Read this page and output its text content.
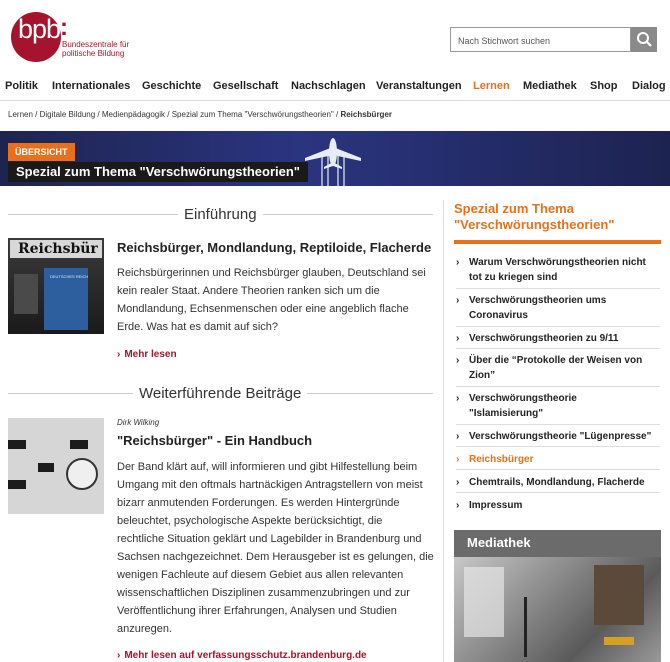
bpb :
Bundeszentrale für
politische Bildung
Nach Stichwort suchen
Politik Internationales Geschichte Gesellschaft Nachschlagen Veranstaltungen Lernen Mediathek Shop Dialog
Lernen / Digitale Bildung / Medienpädagogik / Spezial zum Thema "Verschwörungstheorien" / Reichsbürger
ÜBERSICHT
Spezial zum Thema "Verschwörungstheorien"
Einführung
Reichsbür
DEUTSCHES REICH
Reichsbürger, Mondlandung, Reptiloide, Flacherde
Reichsbürgerinnen und Reichsbürger glauben, Deutschland sei
kein realer Staat. Andere Theorien ranken sich um die
Mondlandung, Echsenmenschen oder eine angeblich flache
Erde. Was hat es damit auf sich?
› Mehr lesen
Weiterführende Beiträge
Dirk Wilking
"Reichsbürger" - Ein Handbuch
Der Band klärt auf, will informieren und gibt Hilfestellung beim
Umgang mit den oftmals hartnäckigen Antragstellern von meist
bizarr anmutenden Forderungen. Es werden Hintergründe
beleuchtet, psychologische Aspekte berücksichtigt, die
rechtliche Situation geklärt und Lagebilder in Brandenburg und
Sachsen nachgezeichnet. Dem Herausgeber ist es gelungen, die
wenigen Fachleute auf diesem Gebiet aus allen relevanten
wissenschaftlichen Disziplinen zusammenzubringen und zur
Veröffentlichung ihrer Erfahrungen, Analysen und Studien
anzuregen.
› Mehr lesen auf verfassungsschutz.brandenburg.de
Spezial zum Thema
"Verschwörungstheorien"
› Warum Verschwörungstheorien nicht
tot zu kriegen sind
› Verschwörungstheorien ums
Coronavirus
› Verschwörungstheorien zu 9/11
› Über die “Protokolle der Weisen von
Zion”
› Verschwörungstheorie
"Islamisierung"
› Verschwörungstheorie "Lügenpresse"
› Reichsbürger
› Chemtrails, Mondlandung, Flacherde
› Impressum
Mediathek
